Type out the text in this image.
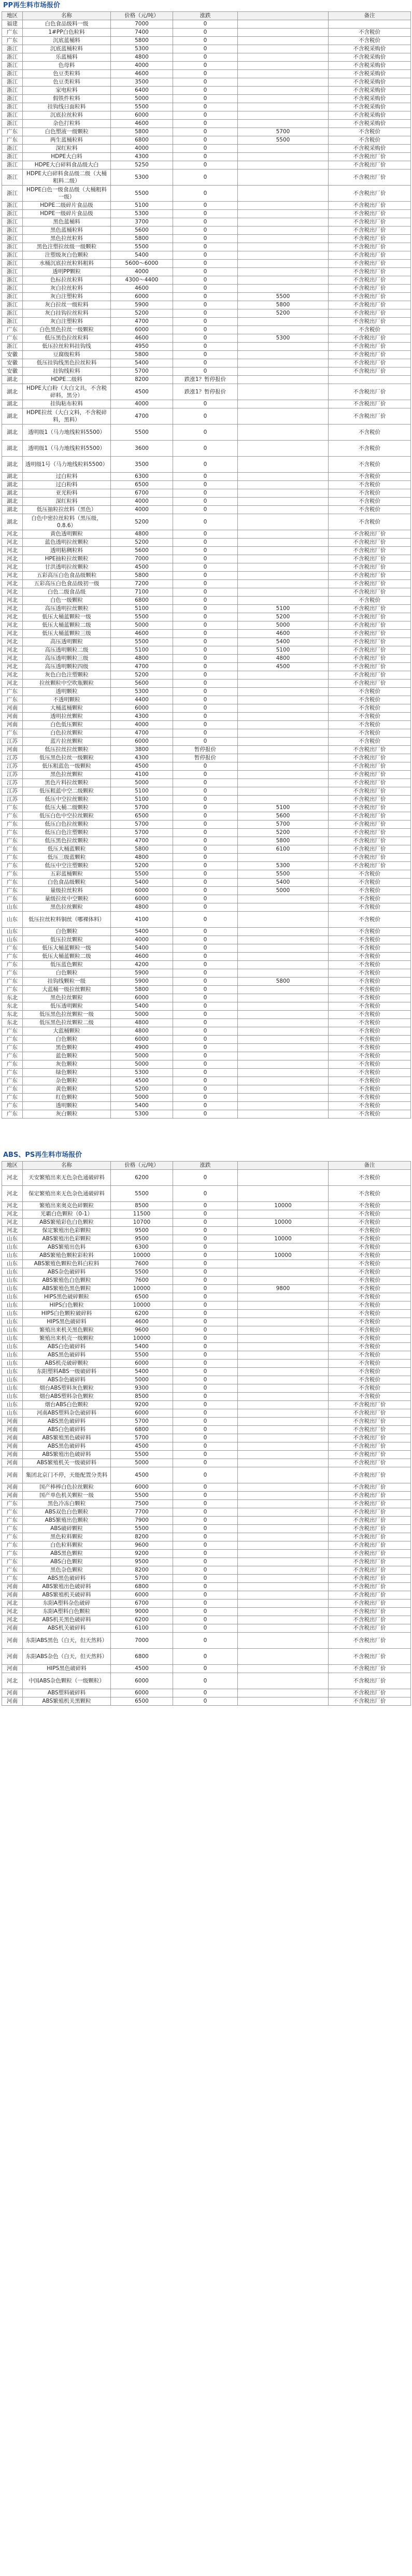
PP再生料市场报价
地区	名称	价格（元/吨）	涨跌		备注
福建	白色食品级料一级	7000	0		
广东	1#PP白色粒料	7400	0		不含税价
广东	沉底蓝桶料	5800	0		不含税价
浙江	沉底蓝桶粒料	5300	0		不含税采购价
浙江	乐蓝桶料	4800	0		不含税采购价
浙江	色母料	4000	0		不含税采购价
浙江	色豆类粒料	4600	0		不含税采购价
浙江	色豆类粒料	3500	0		不含税采购价
浙江	家电粒料	6400	0		不含税采购价
浙江	假铁件粒料	5000	0		不含税采购价
浙江	挂钩线日面粒料	5500	0		不含税采购价
浙江	沉底拉丝粒料	6000	0		不含税采购价
浙江	杂色打粒料	4600	0		不含税采购价
广东	白色塑液一级颗粒	5800	0	5700	不含税价
广东	两生蓝桶粒料	6800	0	5500	不含税价
浙江	深红粒料	4000	0		不含税采购价
浙江	HDPE大白料	4300	0		不含税出厂价
浙江	HDPE大白碎料食品级大白	5250	0		不含税出厂价
浙江	HDPE大白碎料食品级二级（大桶粗料二级）	5300	0		不含税出厂价
浙江	HDPE白色一级食品级（大桶粗料一级）	5500	0		不含税出厂价
浙江	HDPE二级碎片食品级	5100	0		不含税出厂价
浙江	HDPE一级碎片食品级	5300	0		不含税出厂价
浙江	黑色蓝桶料	3700	0		不含税出厂价
浙江	黑色蓝桶粒料	5600	0		不含税出厂价
浙江	黑色拉丝粒料	5800	0		不含税出厂价
浙江	黑色注塑拉丝级一级颗粒	5500	0		不含税出厂价
浙江	注塑级灰白色颗粒	5400	0		不含税出厂价
浙江	水桶沉底拉丝粒料粗料	5600～6000	0		不含税出厂价
浙江	透明PP颗粒	4000	0		不含税出厂价
浙江	色标拉丝粒料	4300～4400	0		不含税出厂价
浙江	灰白拉丝粒料	4600	0		不含税出厂价
浙江	灰白注塑粒料	6000	0	5500	不含税出厂价
浙江	灰白拉丝一级粒料	5900	0	5800	不含税出厂价
浙江	灰白挂钩拉丝粒料	5200	0	5200	不含税出厂价
浙江	灰白注塑粒料	4700	0		不含税出厂价
广东	白色黑色拉丝一级颗粒	6000	0		不含税价
广东	低压黑色拉丝粒料	4600	0	5300	不含税出厂价
浙江	低压拉丝粒料挂钩线	4950	0		不含税出厂价
安徽	豆腐级粒料	5800	0		不含税出厂价
安徽	低压挂钩线黑色拉丝粒料	5400	0		不含税出厂价
安徽	挂钩线粒料	5700	0		不含税出厂价
湖北	HDPE二级料	8200	跌涨1？暂停报价		
湖北	HDPE大白粉（大白文具，不含税碎料，黑分）	4500	跌涨1？暂停报价		不含税出厂价
湖北	挂钩粘布粒料	4000	0		不含税出厂价
湖北	HDPE拉丝（大白文料，不含税碎料，黑料）	4700	0		不含税出厂价
湖北	透明级1（马力地线粒料5500）	5500	0		不含税价
湖北	透明级1（马力地线粒料5500）	3600	0		不含税价
湖北	透明级1号（马力地线粒料5500）	3500	0		不含税价
湖北	过白粒料	6300	0		不含税价
湖北	过白粉料	6500	0		不含税价
湖北	亚光粉料	6700	0		不含税价
湖北	深红粒料	4000	0		不含税价
湖北	低压抽粒拉丝料（黑色）	4000	0		不含税价
湖北	白色中密拉丝粒料（黑压级，0.8.6）	5200	0		不含税价
河北	黄色透明颗粒	4800	0		不含税出厂价
河北	蓝色透明拉丝颗粒	5200	0		不含税出厂价
河北	透明粘稠粒料	5600	0		不含税出厂价
河北	HPE抽粒拉丝颗粒	7000	0		不含税出厂价
河北	甘洪透明拉丝颗粒	4500	0		不含税出厂价
河北	五彩高压白色食品级颗粒	5800	0		不含税出厂价
河北	五彩高压白色食品级初一级	7200	0		不含税出厂价
河北	白色二级食品级	7100	0		不含税出厂价
河北	白色一级颗粒	6800	0		不含税价
河北	高压透明拉丝颗粒	5100	0	5100	不含税出厂价
河北	低压大桶蓝颗粒一级	5500	0	5200	不含税出厂价
河北	低压大桶蓝颗粒二级	5000	0	5000	不含税出厂价
河北	低压大桶蓝颗粒三级	4600	0	4600	不含税出厂价
河北	高压透明颗粒	5500	0	5400	不含税出厂价
河北	高压透明颗粒二级	5100	0	5100	不含税出厂价
河北	高压透明颗粒三级	4800	0	4800	不含税出厂价
河北	高压透明颗粒四级	4700	0	4500	不含税出厂价
河北	灰色白色注塑颗粒	5200	0		不含税出厂价
河北	拉丝颗粒中空吹瓶颗粒	5600	0		不含税出厂价
广东	透明颗粒	5300	0		不含税价
广东	不透明颗粒	4400	0		不含税价
河南	大桶蓝桶颗粒	6000	0		不含税价
河南	透明拉丝颗粒	4300	0		不含税价
河南	白色低压颗粒	4000	0		不含税价
广东	白色拉丝颗粒	4700	0		不含税价
江苏	蓝片拉丝颗粒	6000	0		不含税价
河南	低压拉丝拉丝颗粒	3800	暂停报价		不含税出厂价
江苏	低压黑色拉丝一级颗粒	4300	暂停报价		不含税出厂价
江苏	低压粗蓝色一级颗粒	4500	0		不含税出厂价
江苏	黑色拉丝颗粒	4100	0		不含税出厂价
江苏	黑色片料拉丝颗粒	5000	0		不含税出厂价
江苏	低压粗蓝中空二级颗粒	5100	0		不含税出厂价
江苏	低压中空拉丝颗粒	5100	0		不含税出厂价
广东	低压大桶二级颗粒	5700	0	5100	不含税出厂价
广东	低压白色中空拉丝颗粒	6500	0	5600	不含税出厂价
广东	低压白色拉丝颗粒	5700	0	5700	不含税出厂价
广东	低压白色注塑颗粒	5700	0	5200	不含税出厂价
广东	低压黑色拉丝颗粒	4700	0	5800	不含税出厂价
广东	低压大桶蓝颗粒	5800	0	6100	不含税出厂价
广东	低压三级蓝颗粒	4800	0		不含税出厂价
广东	低压中空注塑颗粒	5200	0	5300	不含税出厂价
广东	五彩蓝桶颗粒	5500	0	5500	不含税价
广东	白色食品级颗粒	5400	0	5400	不含税价
广东	量级拉丝粒料	6000	0	5000	不含税价
广东	量级拉丝中空颗粒	6000	0		不含税价
山东	黑色拉丝颗粒	4800	0		不含税价
山东	低压拉丝粒料铜丝（哪裸体料）	4100	0		不含税价
山东	白色颗粒	5400	0		不含税价
山东	低压拉丝颗粒	4000	0		不含税价
广东	低压大桶蓝颗粒一级	5400	0		不含税价
广东	低压大桶蓝颗粒二级	4600	0		不含税价
广东	低压蓝色颗粒	4200	0		不含税价
广东	白色颗粒	5900	0		不含税价
广东	挂钩线颗粒一级	5900	0	5800	不含税价
广东	大蓝桶一级拉丝颗粒	5800	0		不含税价
东北	黑色拉丝颗粒	6000	0		不含税价
东北	低压透明颗粒	5400	0		不含税价
东北	低压黑色拉丝颗粒一级	5000	0		不含税价
东北	低压黑色拉丝颗粒二级	4800	0		不含税价
广东	大蓝桶颗粒	4800	0		不含税价
广东	白色颗粒	6000	0		不含税价
广东	黑色颗粒	4900	0		不含税价
广东	蓝色颗粒	5000	0		不含税价
广东	灰色颗粒	5000	0		不含税价
广东	绿色颗粒	5300	0		不含税价
广东	杂色颗粒	4500	0		不含税价
广东	黄色颗粒	5200	0		不含税价
广东	红色颗粒	5000	0		不含税价
广东	透明颗粒	5400	0		不含税价
广东	灰白颗粒	5300	0		不含税价
ABS、PS再生料市场报价
地区	名称	价格（元/吨）	涨跌		备注
河北	天安繁殖出来无色杂色通破碎料	6200	0		不含税价
河北	保定繁殖出来无色杂色通破碎料	5500	0		不含税价
河北	繁殖出来奥克色碎颗粒	8500	0	10000	不含税价
河北	光霸白色颗粒（0-1）	11500	0		不含税价
河北	ABS繁殖彩色白色颗粒	10700	0	10000	不含税价
河北	保定繁殖出色彩颗粒	9500	0		不含税价
山东	ABS繁殖出色彩颗粒	9500	0	10000	不含税价
山东	ABS繁殖出色料	6300	0		不含税价
山东	ABS繁殖色颗粒彩粒料	10000	0	10000	不含税价
山东	ABS繁殖色颗粒色料白粒料	7600	0		不含税价
山东	ABS杂色破碎料	5500	0		不含税价
山东	ABS繁殖色白色颗粒	7600	0		不含税价
山东	ABS繁殖色黑色颗粒	10000	0	9800	不含税价
山东	HIPS黑色破碎颗粒	6500	0		不含税价
山东	HIPS白色颗粒	10000	0		不含税价
山东	HIPS白色颗粒破碎料	6200	0		不含税价
山东	HIPS黑色破碎料	4600	0		不含税价
山东	繁殖出来机关黑色颗粒	9600	0		不含税价
山东	繁殖出来机壳一级颗粒	10000	0		不含税价
山东	ABS白色破碎料	5400	0		不含税价
山东	ABS黑色破碎料	5500	0		不含税价
山东	ABS机壳破碎颗粒	6000	0		不含税价
山东	东阳塑料ABS一级破碎料	5400	0		不含税价
山东	ABS杂色破碎料	5000	0		不含税价
山东	烟台ABS塑料灰色颗粒	9300	0		不含税价
山东	烟台ABS塑料杂色颗粒	8500	0		不含税价
山东	烟台ABS白色颗粒	9200	0		不含税出厂价
山东	河南ABS塑料杂色破碎料	6000	0		不含税出厂价
河南	ABS黑色破碎料	5700	0		不含税出厂价
河南	ABS白色破碎料	6800	0		不含税出厂价
河南	ABS繁殖黑色破碎料	5700	0		不含税出厂价
河南	ABS黑色破碎料	4500	0		不含税出厂价
河南	ABS繁殖出色破碎料	5500	0		不含税出厂价
河南	ABS繁殖机关一级破碎料	5000	0		不含税出厂价
河南	集团北京门不停，天能配置分类料	4500	0		不含税出厂价
河南	国产棒棒白色拉丝颗粒	6000	0		不含税出厂价
河南	国产单色机关颗粒一级	5500	0		不含税出厂价
广东	黑色冷冻白颗粒	7500	0		不含税出厂价
广东	ABS双色白色颗粒	7700	0		不含税出厂价
广东	ABS繁殖出色颗粒	7900	0		不含税出厂价
广东	ABS破碎颗粒	5500	0		不含税出厂价
广东	黑色粒料颗粒	8200	0		不含税出厂价
广东	白色粒料颗粒	9600	0		不含税出厂价
广东	ABS黑色颗粒	9200	0		不含税出厂价
广东	ABS白色颗粒	9500	0		不含税出厂价
广东	黑色杂色颗粒	8200	0		不含税出厂价
广东	ABS黑色破碎料	5700	0		不含税出厂价
河南	ABS繁殖出色破碎料	6800	0		不含税出厂价
河南	ABS繁殖机关破碎料	6000	0		不含税出厂价
河北	东阳A塑料杂色破碎	6700	0		不含税出厂价
河北	东阳A塑料白色颗粒	9000	0		不含税出厂价
河北	ABS机关黑色破碎料	6200	0		不含税出厂价
河南	ABS机关破碎料	6100	0		不含税出厂价
河南	东阳ABS黑色（白天，但天然料）	7000	0		不含税出厂价
河南	东阳ABS杂色（白天，但天然料）	6800	0		不含税出厂价
河南	HIPS黑色破碎料	4500	0		不含税出厂价
河北	中国ABS杂色颗粒（一级颗粒）	6000	0		不含税出厂价
河南	ABS塑料破碎料	6000	0		不含税出厂价
河南	ABS繁殖机关黑颗粒	6500	0		不含税出厂价
